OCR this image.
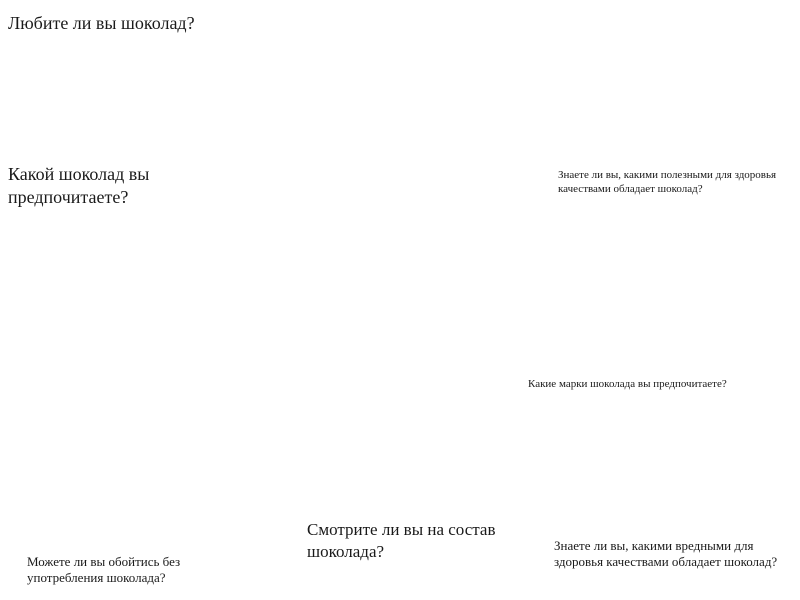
Любите ли вы шоколад?

Какой шоколад вы предпочитаете?

Знаете ли вы, какими полезными для здоровья качествами обладает шоколад?

Какие марки шоколада вы предпочитаете?

Смотрите ли вы на состав шоколада?	Знаете ли вы, какими вредными для здоровья качествами обладает шоколад?

Можете ли вы обойтись без употребления шоколада?
